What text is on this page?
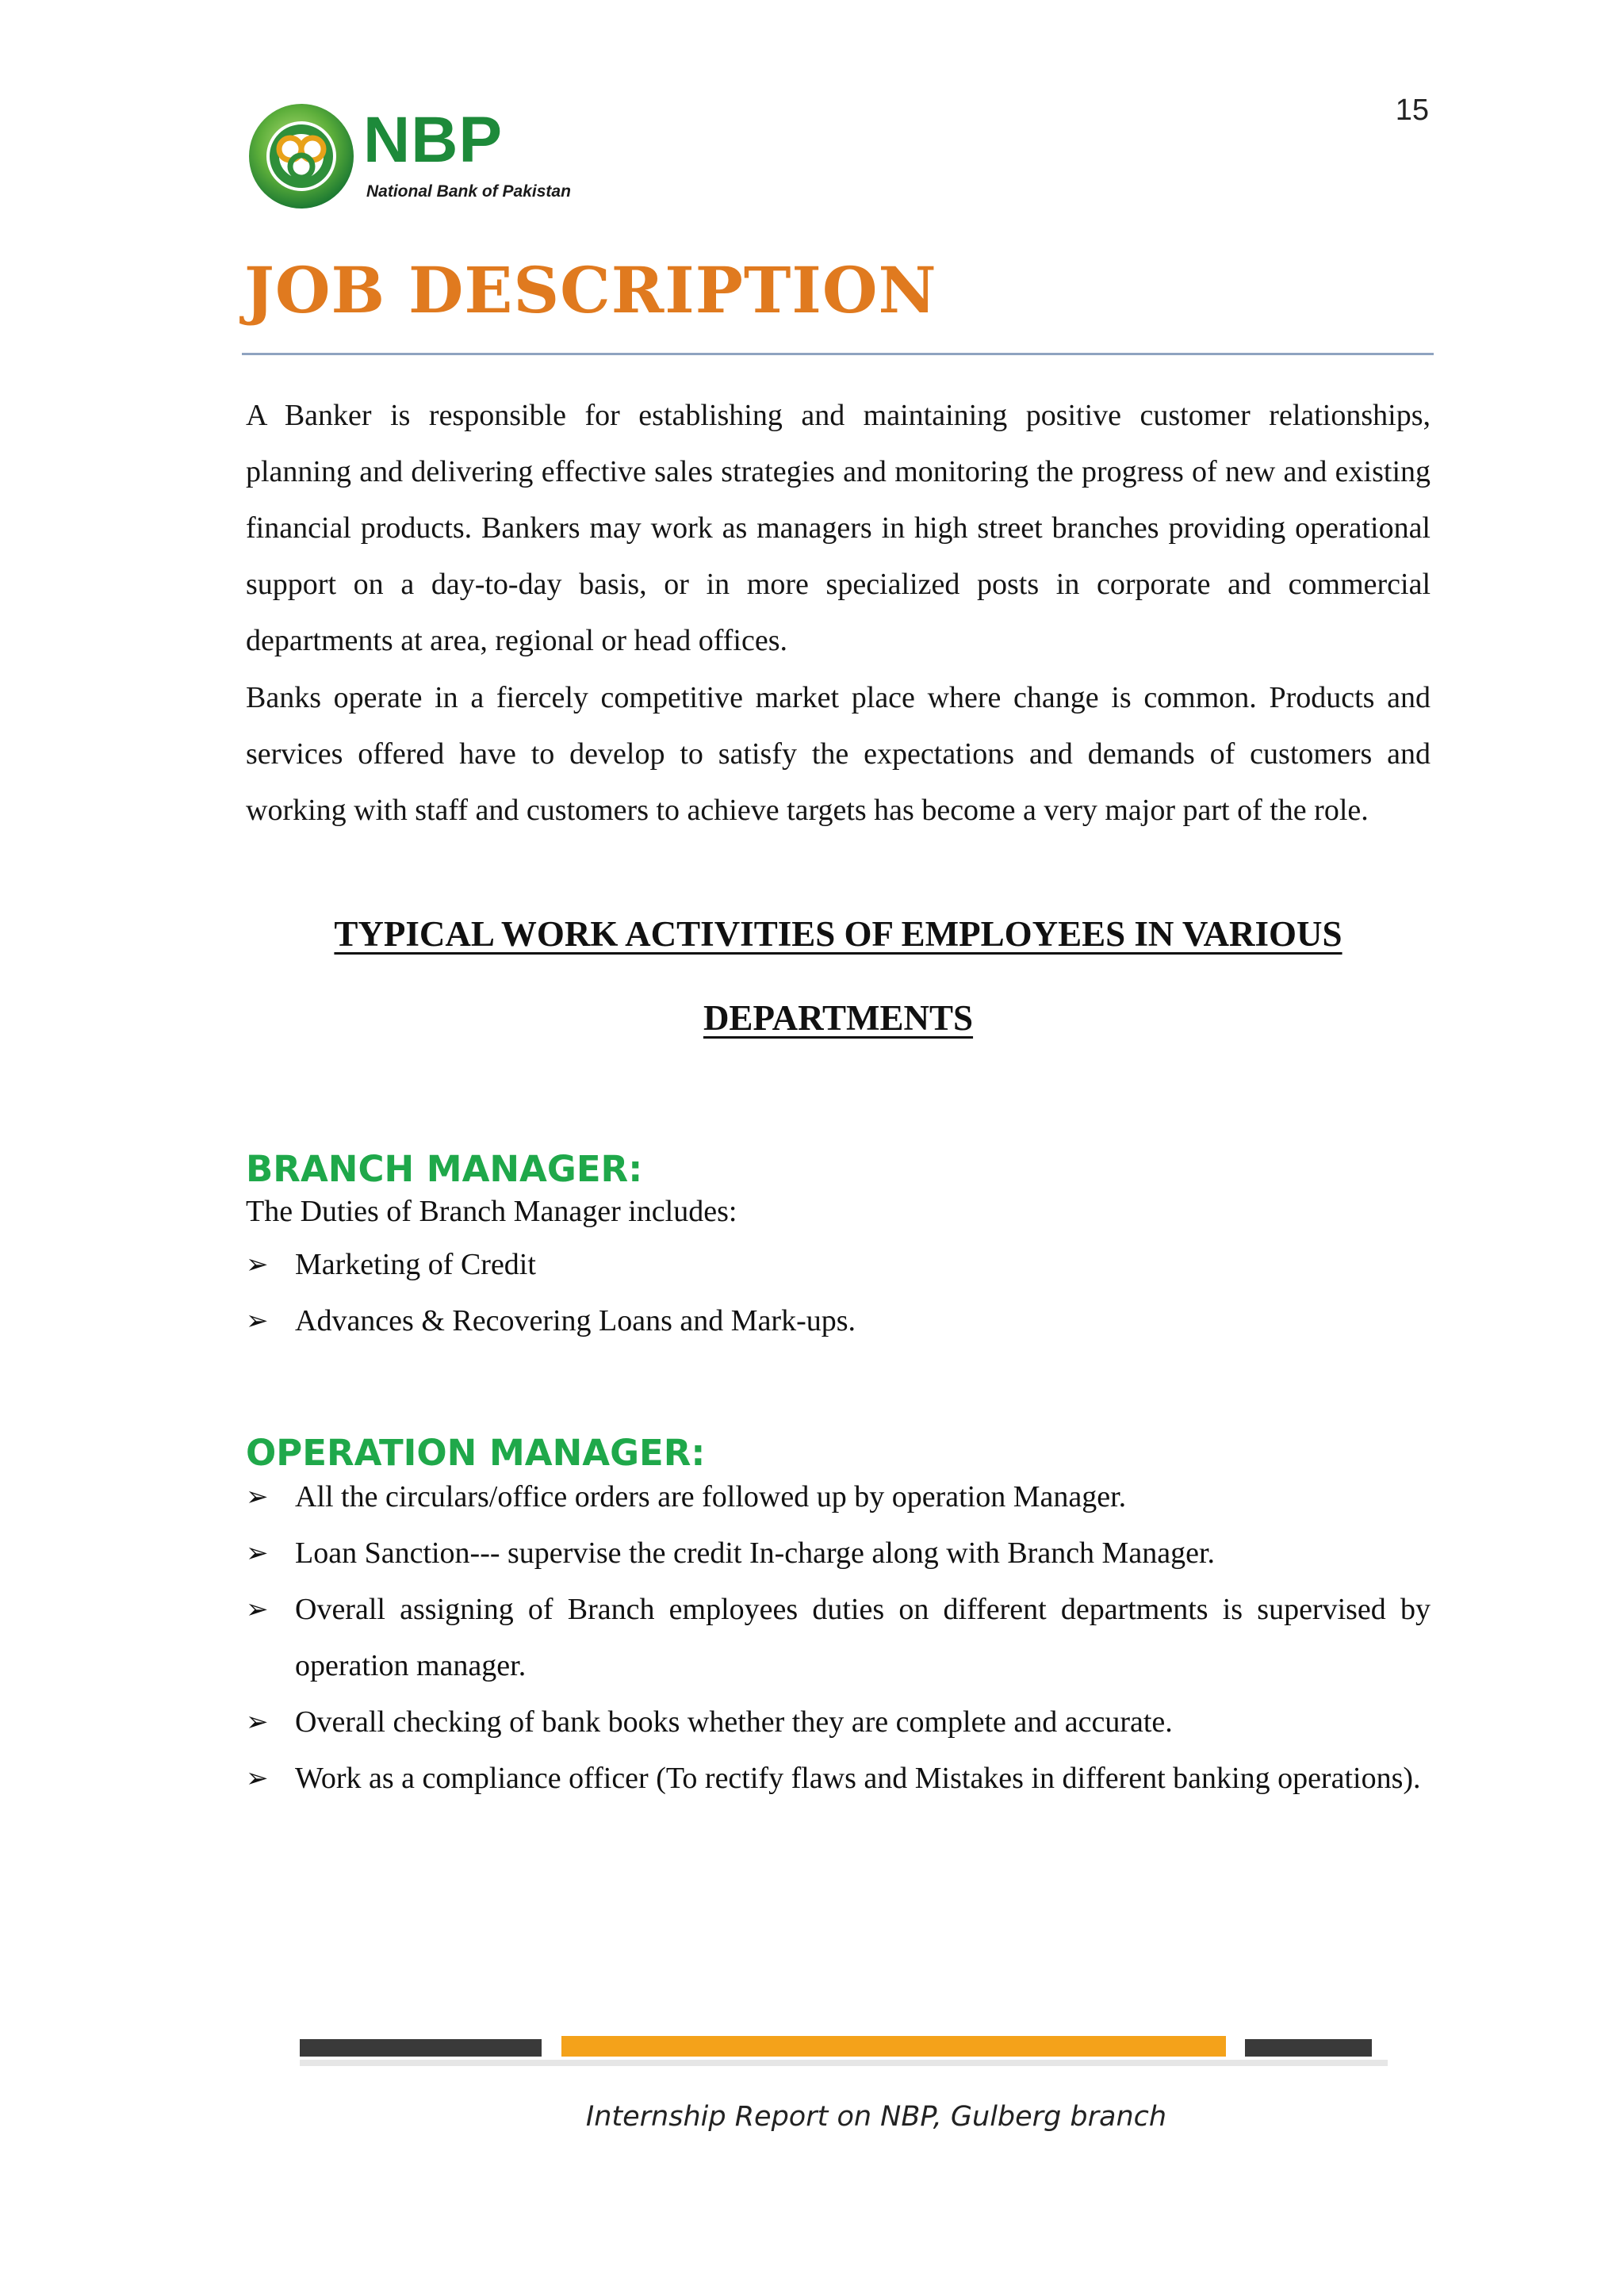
15
NBP
National Bank of Pakistan
JOB DESCRIPTION

A Banker is responsible for establishing and maintaining positive customer relationships, planning and delivering effective sales strategies and monitoring the progress of new and existing financial products. Bankers may work as managers in high street branches providing operational support on a day-to-day basis, or in more specialized posts in corporate and commercial departments at area, regional or head offices.

Banks operate in a fiercely competitive market place where change is common. Products and services offered have to develop to satisfy the expectations and demands of customers and working with staff and customers to achieve targets has become a very major part of the role.

TYPICAL WORK ACTIVITIES OF EMPLOYEES IN VARIOUS
DEPARTMENTS
BRANCH MANAGER:
The Duties of Branch Manager includes:
➢ Marketing of Credit
➢ Advances & Recovering Loans and Mark-ups.
OPERATION MANAGER:
➢ All the circulars/office orders are followed up by operation Manager.
➢ Loan Sanction--- supervise the credit In-charge along with Branch Manager.
➢ Overall assigning of Branch employees duties on different departments is supervised by operation manager.
➢ Overall checking of bank books whether they are complete and accurate.
➢ Work as a compliance officer (To rectify flaws and Mistakes in different banking operations).
Internship Report on NBP, Gulberg branch
